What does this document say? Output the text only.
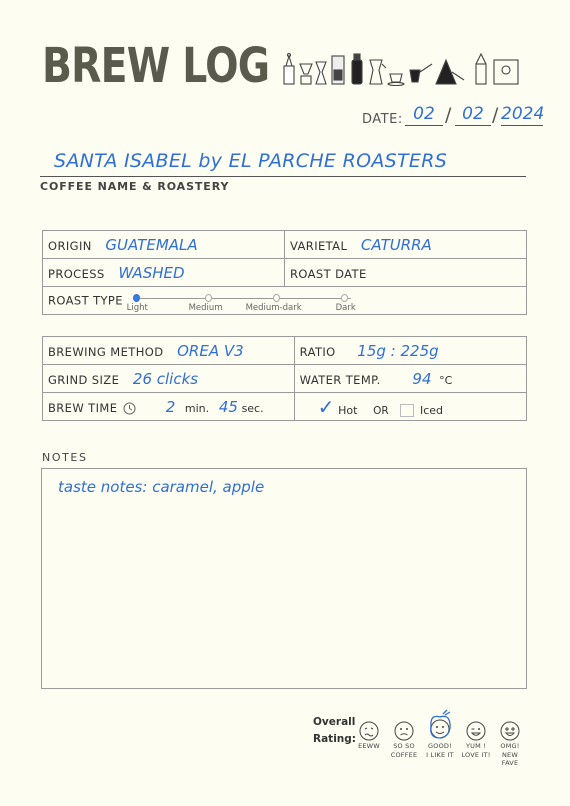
BREW LOG
DATE: 02 / 02 / 2024
SANTA ISABEL by EL PARCHE ROASTERS
COFFEE NAME & ROASTERY
ORIGIN GUATEMALA	VARIETAL CATURRA
PROCESS WASHED	ROAST DATE
ROAST TYPE
Light Medium Medium-dark Dark	
BREWING METHOD OREA V3	RATIO 15g : 225g
GRIND SIZE 26 clicks	WATER TEMP. 94 °C
BREW TIME 2 min. 45 sec.	✓ Hot OR Iced
NOTES
taste notes: caramel, apple
Overall
Rating:
EEWW	SO SO
COFFEE
GOOD!
I LIKE IT
YUM !
LOVE IT!
OMG!
NEW
FAVE
